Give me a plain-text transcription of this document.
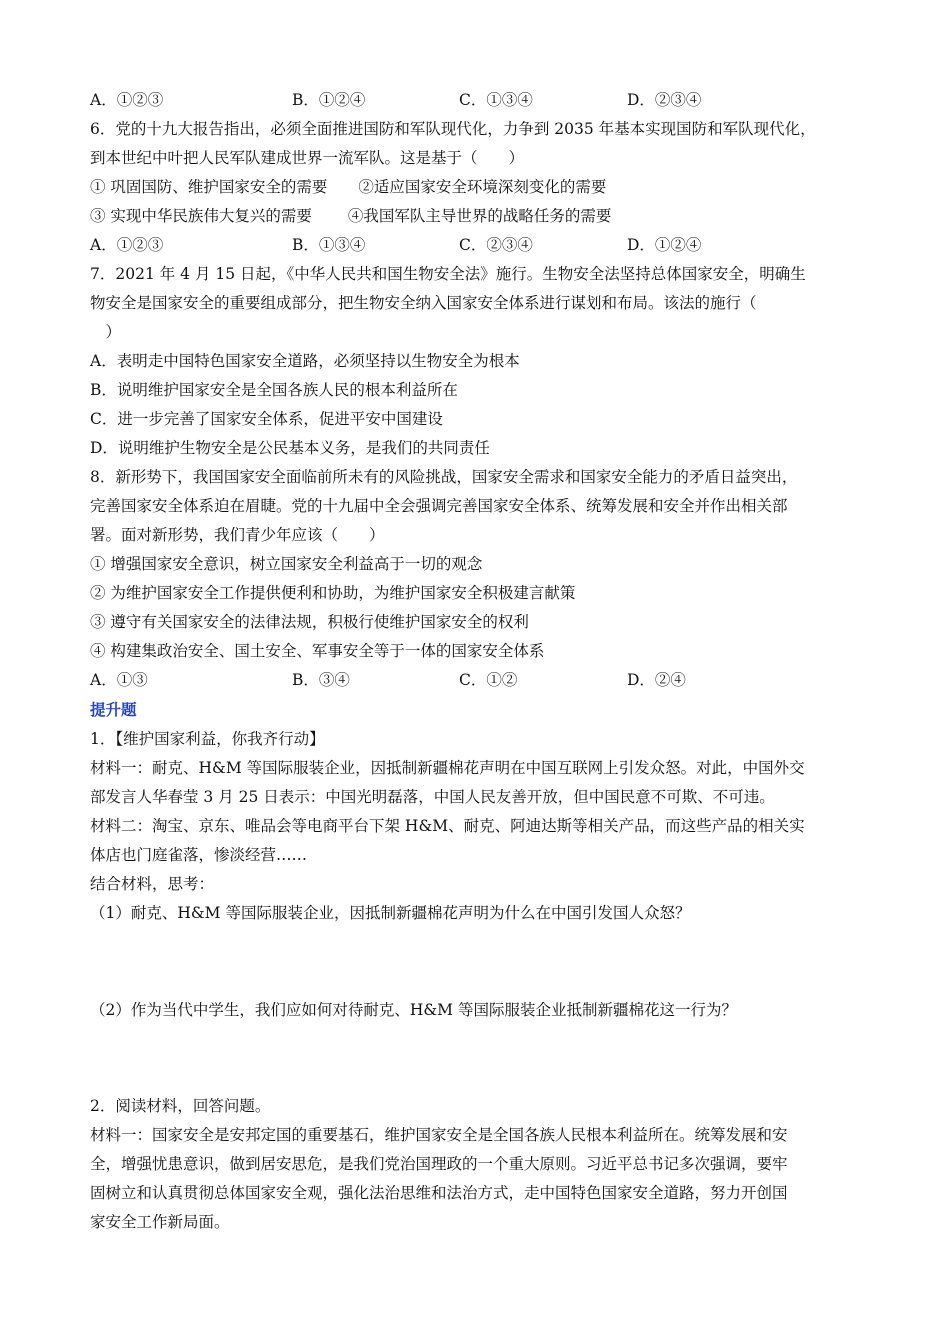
A．①②③	B．①②④	C．①③④	D．②③④
6．党的十九大报告指出，必须全面推进国防和军队现代化，力争到 2035 年基本实现国防和军队现代化，
到本世纪中叶把人民军队建成世界一流军队。这是基于（　　）
① 巩固国防、维护国家安全的需要　　②适应国家安全环境深刻变化的需要
③ 实现中华民族伟大复兴的需要　　 ④我国军队主导世界的战略任务的需要
A．①②③	B．①③④	C．②③④	D．①②④
7．2021 年 4 月 15 日起，《中华人民共和国生物安全法》施行。生物安全法坚持总体国家安全，明确生
物安全是国家安全的重要组成部分，把生物安全纳入国家安全体系进行谋划和布局。该法的施行（
　）
A．表明走中国特色国家安全道路，必须坚持以生物安全为根本
B．说明维护国家安全是全国各族人民的根本利益所在
C．进一步完善了国家安全体系，促进平安中国建设
D．说明维护生物安全是公民基本义务，是我们的共同责任
8．新形势下，我国国家安全面临前所未有的风险挑战，国家安全需求和国家安全能力的矛盾日益突出，
完善国家安全体系迫在眉睫。党的十九届中全会强调完善国家安全体系、统筹发展和安全并作出相关部
署。面对新形势，我们青少年应该（　　）
① 增强国家安全意识，树立国家安全利益高于一切的观念
② 为维护国家安全工作提供便利和协助，为维护国家安全积极建言献策
③ 遵守有关国家安全的法律法规，积极行使维护国家安全的权利
④ 构建集政治安全、国土安全、军事安全等于一体的国家安全体系
A．①③	B．③④	C．①②	D．②④
提升题
1．【维护国家利益，你我齐行动】
材料一：耐克、H&M 等国际服装企业，因抵制新疆棉花声明在中国互联网上引发众怒。对此，中国外交
部发言人华春莹 3 月 25 日表示：中国光明磊落，中国人民友善开放，但中国民意不可欺、不可违。
材料二：淘宝、京东、唯品会等电商平台下架 H&M、耐克、阿迪达斯等相关产品，而这些产品的相关实
体店也门庭雀落，惨淡经营……
结合材料，思考：
（1）耐克、H&M 等国际服装企业，因抵制新疆棉花声明为什么在中国引发国人众怒？
（2）作为当代中学生，我们应如何对待耐克、H&M 等国际服装企业抵制新疆棉花这一行为？
2．阅读材料，回答问题。
材料一：国家安全是安邦定国的重要基石，维护国家安全是全国各族人民根本利益所在。统筹发展和安
全，增强忧患意识，做到居安思危，是我们党治国理政的一个重大原则。习近平总书记多次强调，要牢
固树立和认真贯彻总体国家安全观，强化法治思维和法治方式，走中国特色国家安全道路，努力开创国
家安全工作新局面。
